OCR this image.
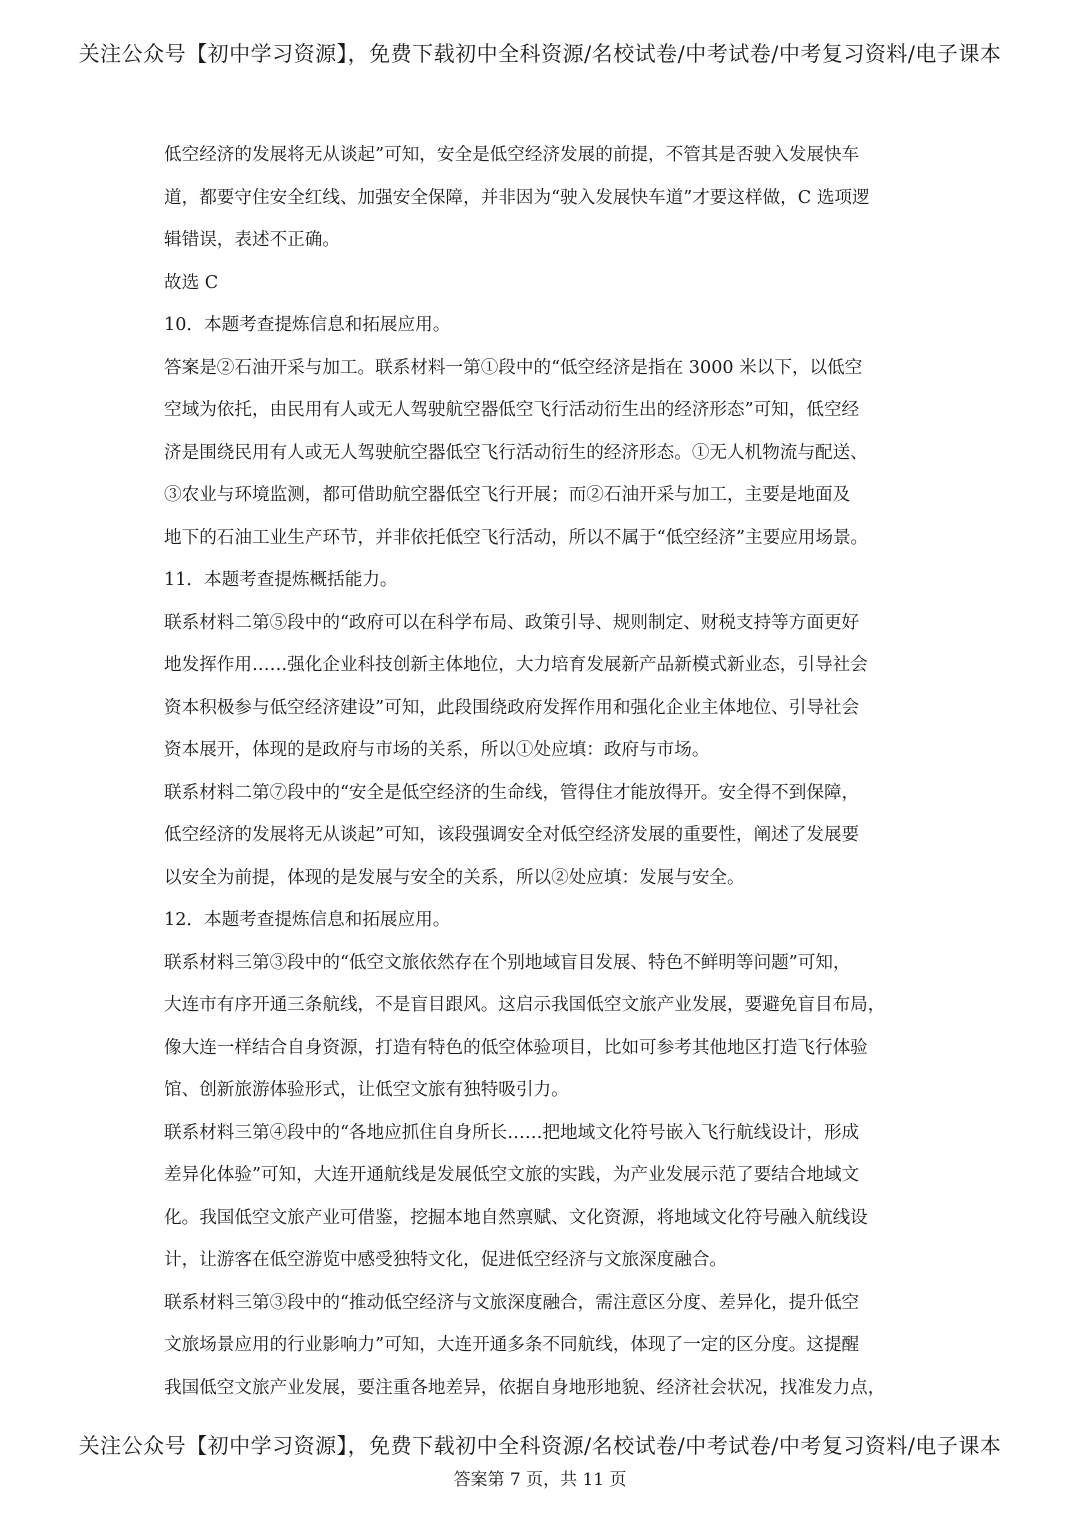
关注公众号【初中学习资源】，免费下载初中全科资源/名校试卷/中考试卷/中考复习资料/电子课本
低空经济的发展将无从谈起”可知，安全是低空经济发展的前提，不管其是否驶入发展快车
道，都要守住安全红线、加强安全保障，并非因为“驶入发展快车道”才要这样做，C 选项逻
辑错误，表述不正确。
故选 C
10．本题考查提炼信息和拓展应用。
答案是②石油开采与加工。联系材料一第①段中的“低空经济是指在 3000 米以下，以低空
空域为依托，由民用有人或无人驾驶航空器低空飞行活动衍生出的经济形态”可知，低空经
济是围绕民用有人或无人驾驶航空器低空飞行活动衍生的经济形态。①无人机物流与配送、
③农业与环境监测，都可借助航空器低空飞行开展；而②石油开采与加工，主要是地面及
地下的石油工业生产环节，并非依托低空飞行活动，所以不属于“低空经济”主要应用场景。
11．本题考查提炼概括能力。
联系材料二第⑤段中的“政府可以在科学布局、政策引导、规则制定、财税支持等方面更好
地发挥作用……强化企业科技创新主体地位，大力培育发展新产品新模式新业态，引导社会
资本积极参与低空经济建设”可知，此段围绕政府发挥作用和强化企业主体地位、引导社会
资本展开，体现的是政府与市场的关系，所以①处应填：政府与市场。
联系材料二第⑦段中的“安全是低空经济的生命线，管得住才能放得开。安全得不到保障，
低空经济的发展将无从谈起”可知，该段强调安全对低空经济发展的重要性，阐述了发展要
以安全为前提，体现的是发展与安全的关系，所以②处应填：发展与安全。
12．本题考查提炼信息和拓展应用。
联系材料三第③段中的“低空文旅依然存在个别地域盲目发展、特色不鲜明等问题”可知，
大连市有序开通三条航线，不是盲目跟风。这启示我国低空文旅产业发展，要避免盲目布局，
像大连一样结合自身资源，打造有特色的低空体验项目，比如可参考其他地区打造飞行体验
馆、创新旅游体验形式，让低空文旅有独特吸引力。
联系材料三第④段中的“各地应抓住自身所长……把地域文化符号嵌入飞行航线设计，形成
差异化体验”可知，大连开通航线是发展低空文旅的实践，为产业发展示范了要结合地域文
化。我国低空文旅产业可借鉴，挖掘本地自然禀赋、文化资源，将地域文化符号融入航线设
计，让游客在低空游览中感受独特文化，促进低空经济与文旅深度融合。
联系材料三第③段中的“推动低空经济与文旅深度融合，需注意区分度、差异化，提升低空
文旅场景应用的行业影响力”可知，大连开通多条不同航线，体现了一定的区分度。这提醒
我国低空文旅产业发展，要注重各地差异，依据自身地形地貌、经济社会状况，找准发力点，
关注公众号【初中学习资源】，免费下载初中全科资源/名校试卷/中考试卷/中考复习资料/电子课本
答案第 7 页，共 11 页
